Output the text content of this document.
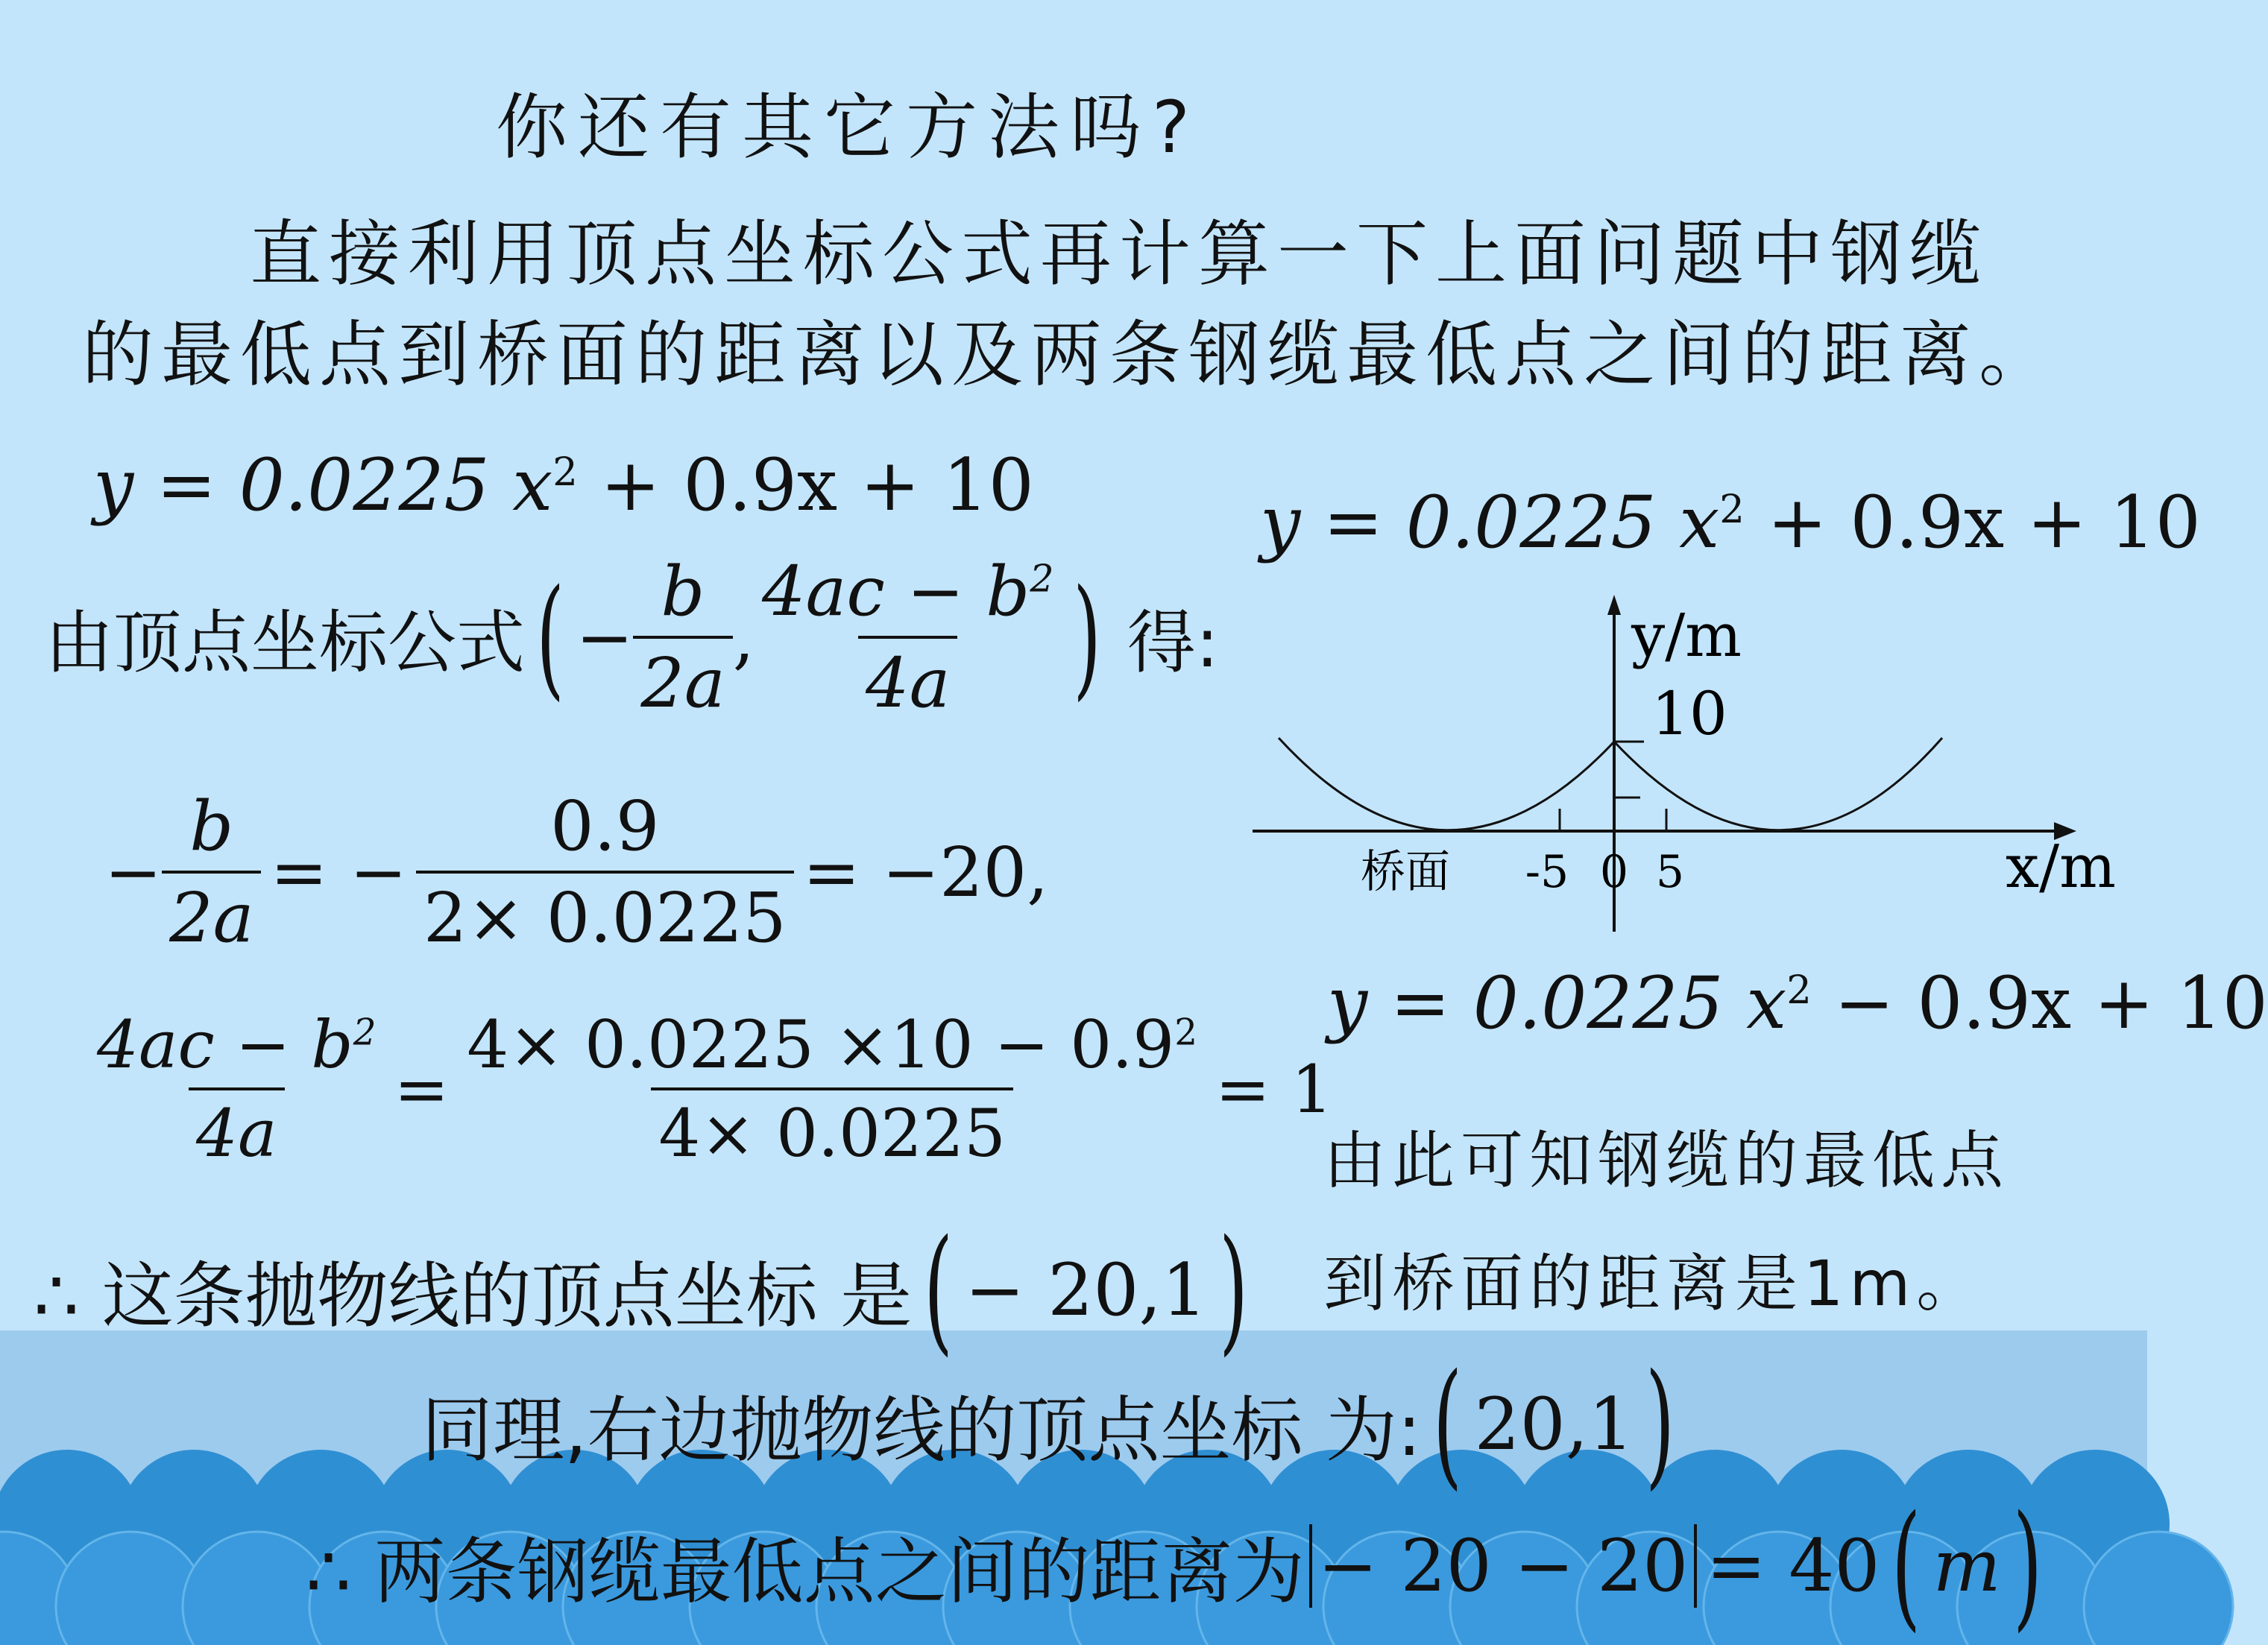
你还有其它方法吗?
直接利用顶点坐标公式再计算一下上面问题中钢缆
的最低点到桥面的距离以及两条钢缆最低点之间的距离。
y = 0.0225 $x^2 + 0.9x + 10$
由顶点坐标公式 ( − $\frac{b}{2a}$ , $\frac{4ac - b^2}{4a}$ ) 得:
− $\frac{b}{2a}$ = − $\frac{0.9}{2\times 0.0225} = -20$,
$\frac{4ac - b^2}{4a} = \frac{4\times 0.0225 \times 10 - 0.9^2}{4\times 0.0225} = 1$
∴ 这条抛物线的顶点坐标 是 ( − 20,1 )
y = 0.0225 $x^2 + 0.9x + 10$
y/m
10
x/m
桥面 -5 0 5
y = 0.0225 $x^2 - 0.9x + 10$
由此可知钢缆的最低点
到桥面的距离是1m。
同理,右边抛物线的顶点坐标 为: ( 20,1 )
∴ 两条钢缆最低点之间的距离为 − 20 − 20 = 40 ( m )
